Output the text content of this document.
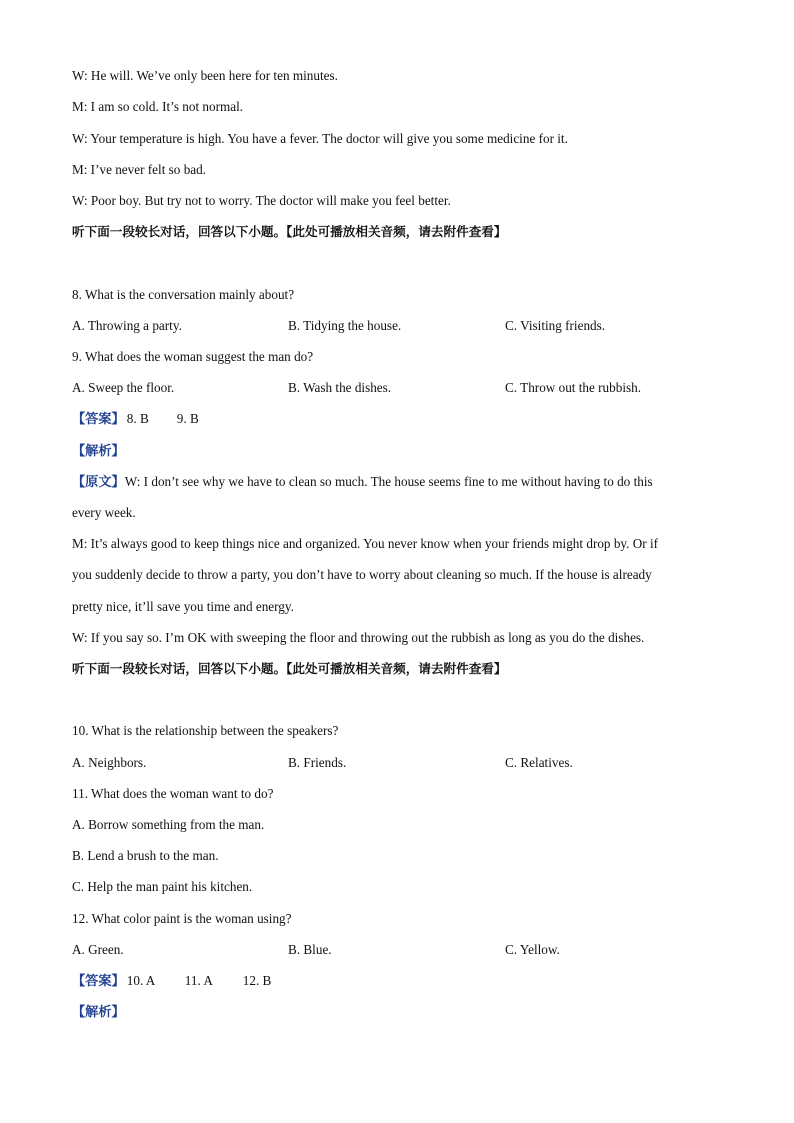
W: He will. We’ve only been here for ten minutes.
M: I am so cold. It’s not normal.
W: Your temperature is high. You have a fever. The doctor will give you some medicine for it.
M: I’ve never felt so bad.
W: Poor boy. But try not to worry. The doctor will make you feel better.
听下面一段较长对话，回答以下小题。【此处可播放相关音频，请去附件查看】
8. What is the conversation mainly about?
A. Throwing a party.	B. Tidying the house.	C. Visiting friends.
9. What does the woman suggest the man do?
A. Sweep the floor.	B. Wash the dishes.	C. Throw out the rubbish.
【答案】 8. B 9. B
【解析】
【原文】W: I don’t see why we have to clean so much. The house seems fine to me without having to do this
every week.
M: It’s always good to keep things nice and organized. You never know when your friends might drop by. Or if
you suddenly decide to throw a party, you don’t have to worry about cleaning so much. If the house is already
pretty nice, it’ll save you time and energy.
W: If you say so. I’m OK with sweeping the floor and throwing out the rubbish as long as you do the dishes.
听下面一段较长对话，回答以下小题。【此处可播放相关音频，请去附件查看】
10. What is the relationship between the speakers?
A. Neighbors.	B. Friends.	C. Relatives.
11. What does the woman want to do?
A. Borrow something from the man.
B. Lend a brush to the man.
C. Help the man paint his kitchen.
12. What color paint is the woman using?
A. Green.	B. Blue.	C. Yellow.
【答案】 10. A 11. A 12. B
【解析】
